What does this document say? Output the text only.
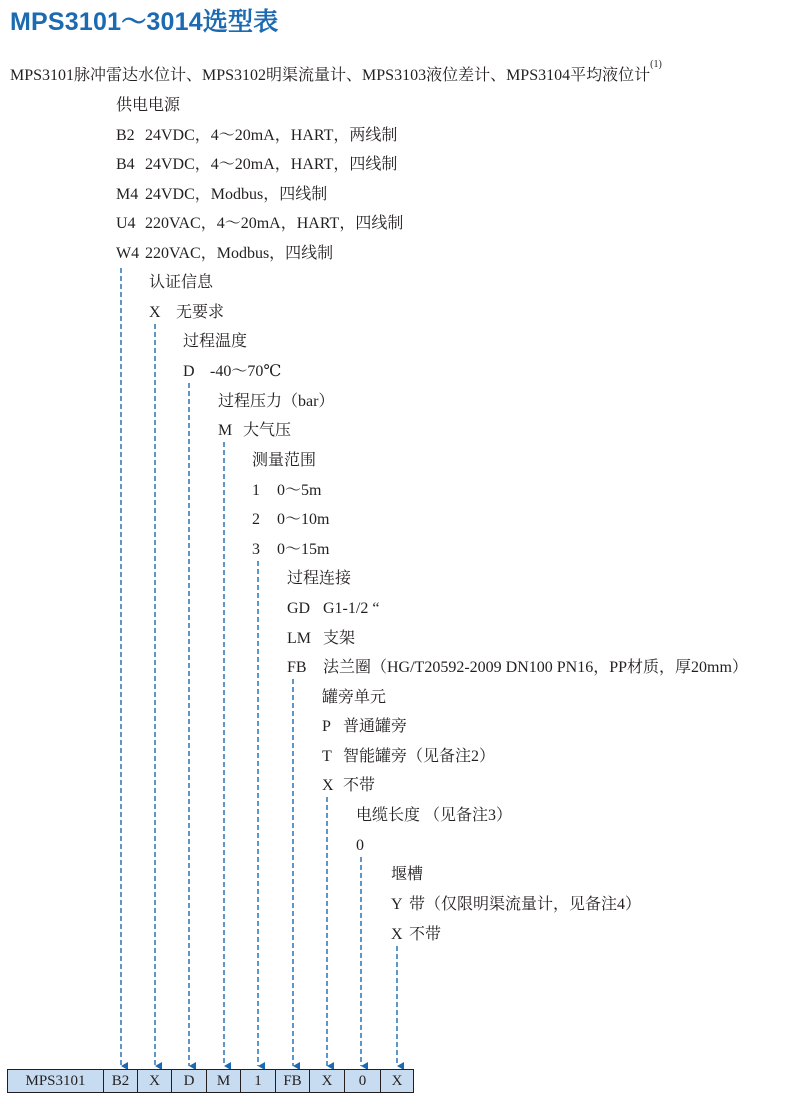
MPS3101～3014选型表
MPS3101脉冲雷达水位计、MPS3102明渠流量计、MPS3103液位差计、MPS3104平均液位计$^{(1)}$
供电电源
B2 24VDC，4～20mA，HART，两线制
B4 24VDC，4～20mA，HART，四线制
M4 24VDC，Modbus，四线制
U4 220VAC，4～20mA，HART，四线制
W4 220VAC，Modbus，四线制
认证信息
X 无要求
过程温度
D -40～70℃
过程压力（bar）
M 大气压
测量范围
1 0～5m
2 0～10m
3 0～15m
过程连接
GD G1-1/2 “
LM 支架
FB 法兰圈（HG/T20592-2009 DN100 PN16，PP材质，厚20mm）
罐旁单元
P 普通罐旁
T 智能罐旁（见备注2）
X 不带
电缆长度 （见备注3）
0
堰槽
Y 带（仅限明渠流量计，见备注4）
X 不带
MPS3101	B2	X	D	M	1	FB	X	0	X
